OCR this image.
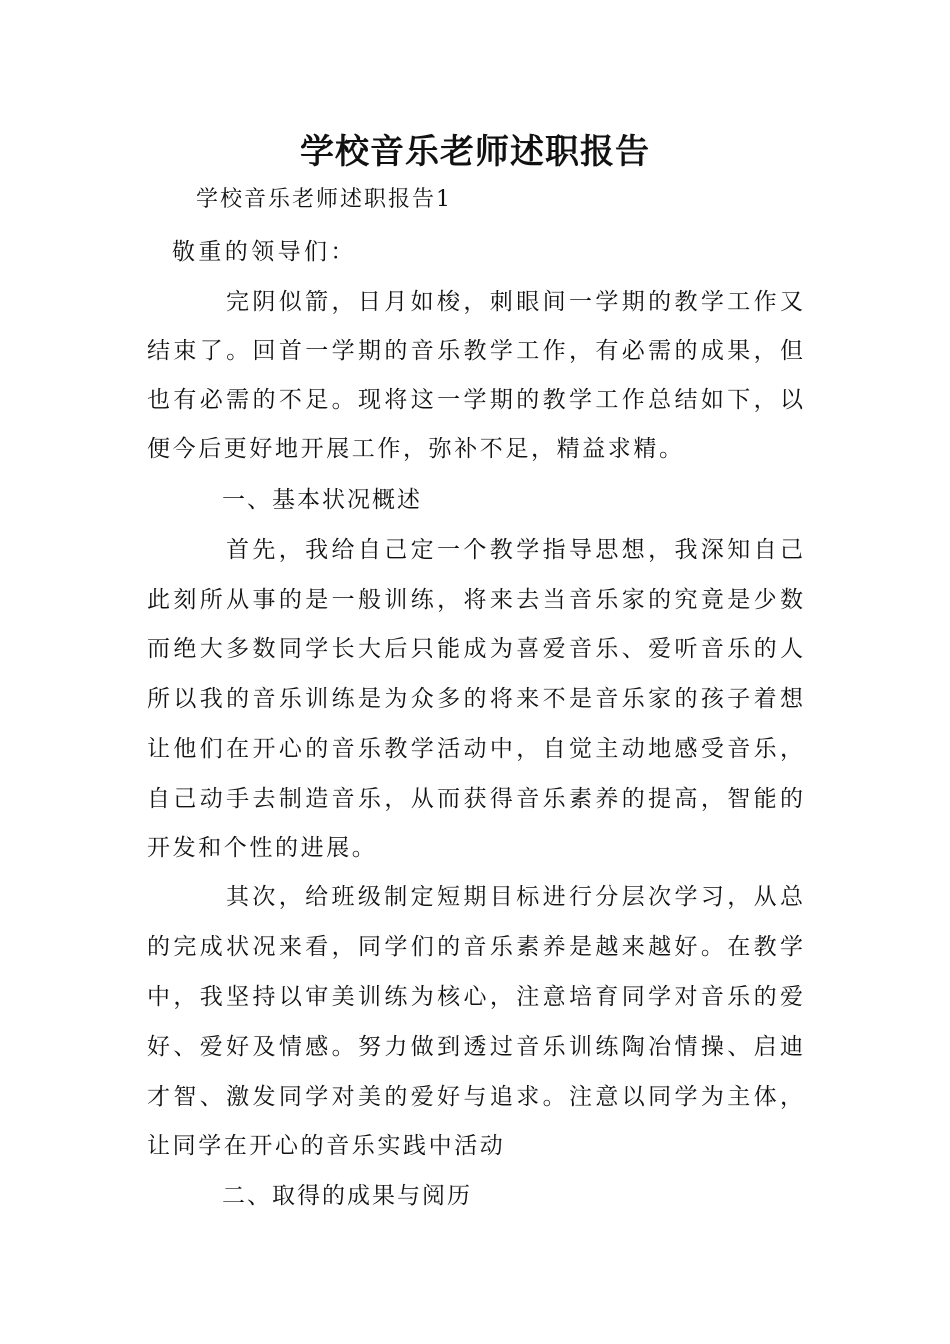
学校音乐老师述职报告
学校音乐老师述职报告1
敬重的领导们：
完阴似箭，日月如梭，刺眼间一学期的教学工作又
结束了。回首一学期的音乐教学工作，有必需的成果，但
也有必需的不足。现将这一学期的教学工作总结如下，以
便今后更好地开展工作，弥补不足，精益求精。
一、基本状况概述
首先，我给自己定一个教学指导思想，我深知自己
此刻所从事的是一般训练，将来去当音乐家的究竟是少数
而绝大多数同学长大后只能成为喜爱音乐、爱听音乐的人
所以我的音乐训练是为众多的将来不是音乐家的孩子着想
让他们在开心的音乐教学活动中，自觉主动地感受音乐，
自己动手去制造音乐，从而获得音乐素养的提高，智能的
开发和个性的进展。
其次，给班级制定短期目标进行分层次学习，从总
的完成状况来看，同学们的音乐素养是越来越好。在教学
中，我坚持以审美训练为核心，注意培育同学对音乐的爱
好、爱好及情感。努力做到透过音乐训练陶冶情操、启迪
才智、激发同学对美的爱好与追求。注意以同学为主体，
让同学在开心的音乐实践中活动
二、取得的成果与阅历
